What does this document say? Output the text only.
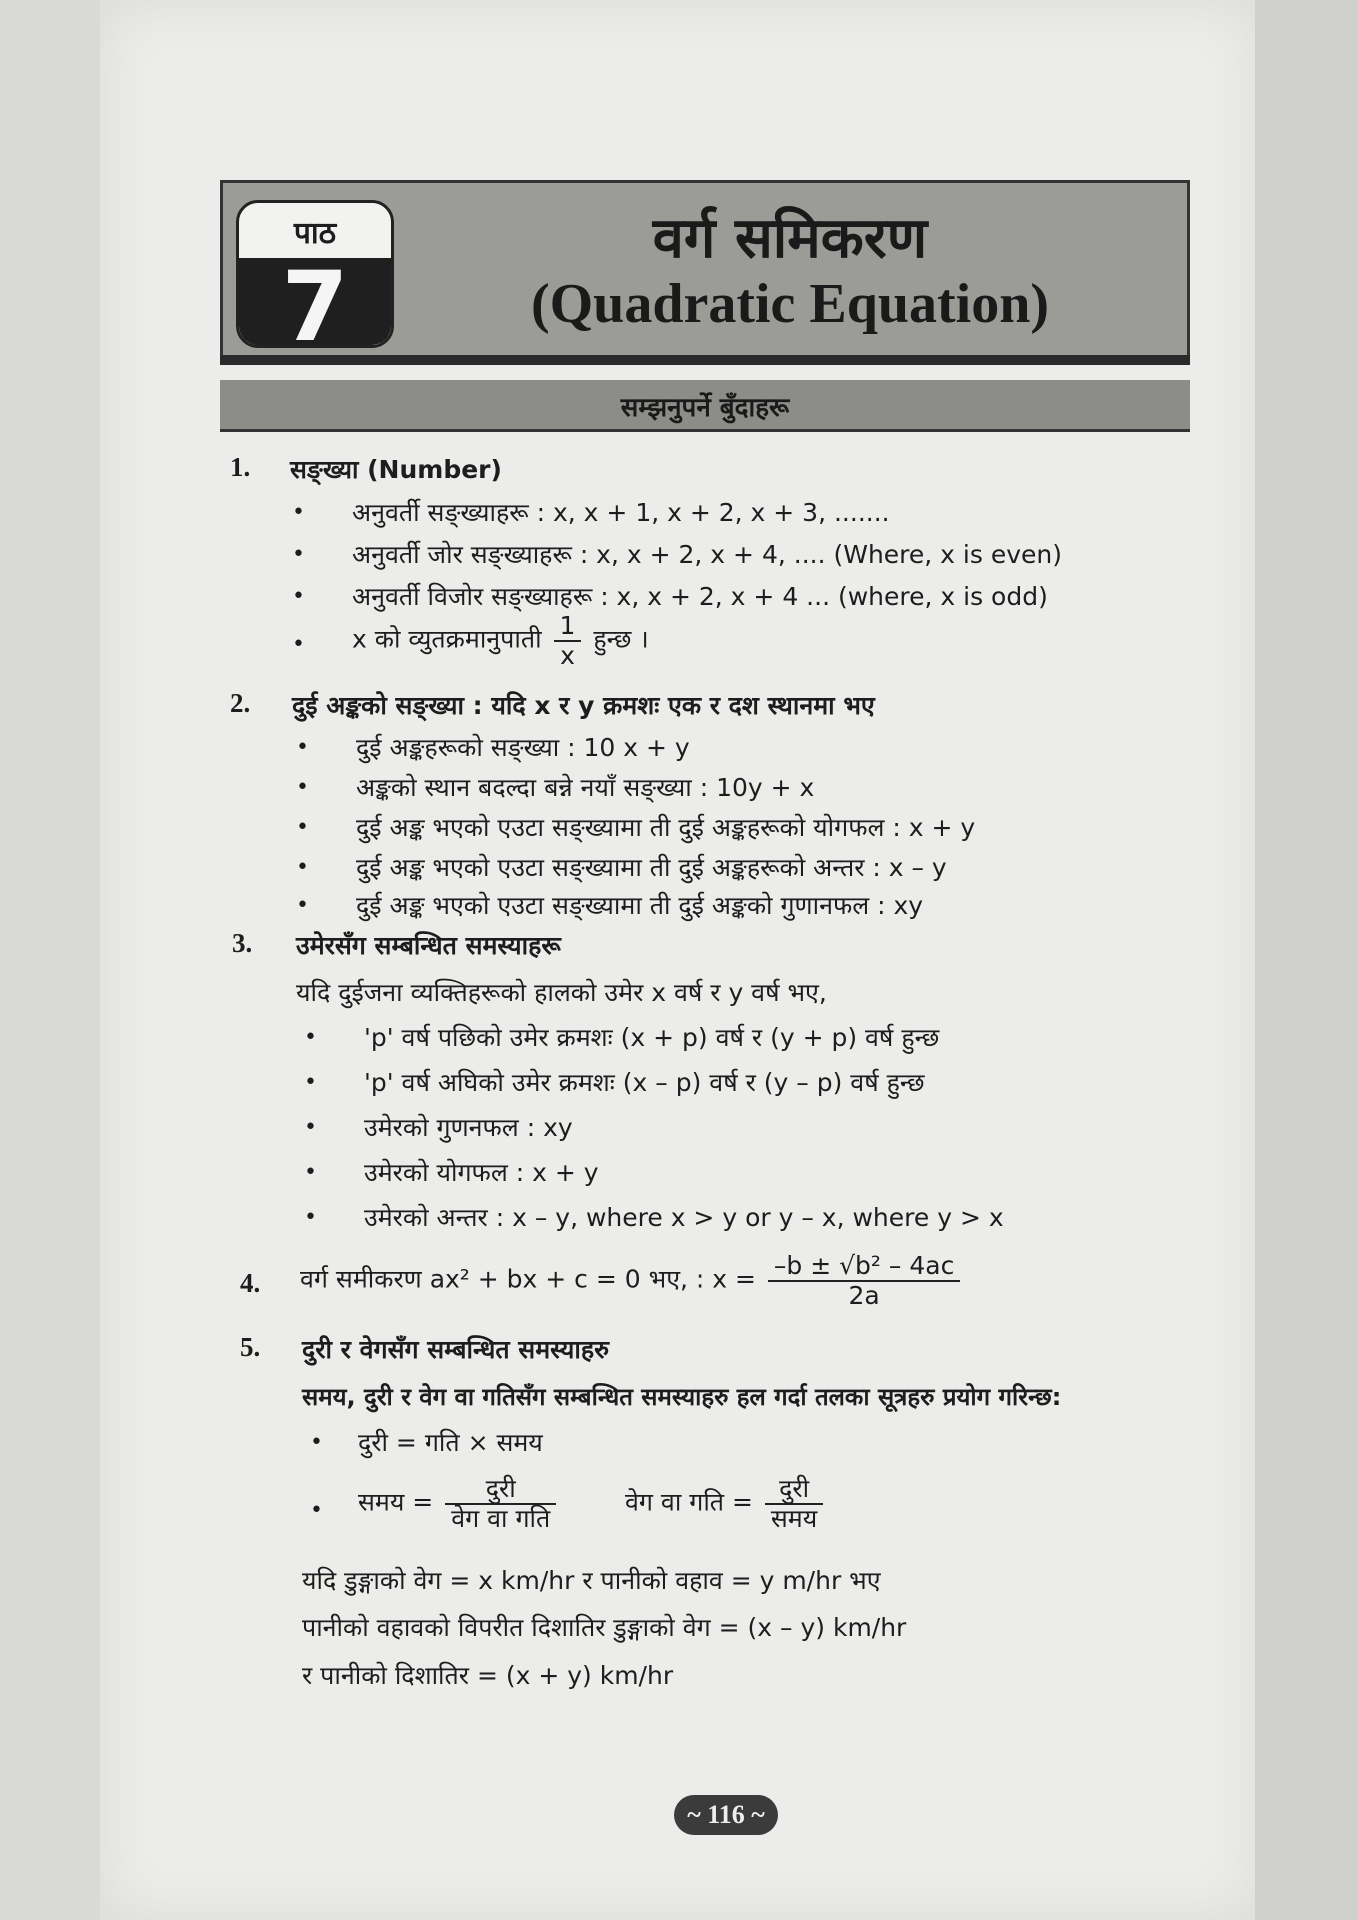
पाठ
7
वर्ग समिकरण
(Quadratic Equation)
सम्झनुपर्ने बुँदाहरू
1. सङ्ख्या (Number)
• अनुवर्ती सङ्ख्याहरू : x, x + 1, x + 2, x + 3, .......
• अनुवर्ती जोर सङ्ख्याहरू : x, x + 2, x + 4, .... (Where, x is even)
• अनुवर्ती विजोर सङ्ख्याहरू : x, x + 2, x + 4 ... (where, x is odd)
• x को व्युतक्रमानुपाती $\frac{1}{x}$ हुन्छ ।
2. दुई अङ्कको सङ्ख्या : यदि x र y क्रमशः एक र दश स्थानमा भए
• दुई अङ्कहरूको सङ्ख्या : 10 x + y
• अङ्कको स्थान बदल्दा बन्ने नयाँ सङ्ख्या : 10y + x
• दुई अङ्क भएको एउटा सङ्ख्यामा ती दुई अङ्कहरूको योगफल : x + y
• दुई अङ्क भएको एउटा सङ्ख्यामा ती दुई अङ्कहरूको अन्तर : x – y
• दुई अङ्क भएको एउटा सङ्ख्यामा ती दुई अङ्कको गुणानफल : xy
3. उमेरसँग सम्बन्धित समस्याहरू
यदि दुईजना व्यक्तिहरूको हालको उमेर x वर्ष र y वर्ष भए,
• 'p' वर्ष पछिको उमेर क्रमशः (x + p) वर्ष र (y + p) वर्ष हुन्छ
• 'p' वर्ष अघिको उमेर क्रमशः (x – p) वर्ष र (y – p) वर्ष हुन्छ
• उमेरको गुणनफल : xy
• उमेरको योगफल : x + y
• उमेरको अन्तर : x – y, where x > y or y – x, where y > x
4. वर्ग समीकरण ax² + bx + c = 0 भए, : $x = \frac{\text{–b ± √b² – 4ac}}{2a}$
5. दुरी र वेगसँग सम्बन्धित समस्याहरु
समय, दुरी र वेग वा गतिसँग सम्बन्धित समस्याहरु हल गर्दा तलका सूत्रहरु प्रयोग गरिन्छ:
• दुरी = गति × समय
• समय = $\frac{\text{दुरी}}{\text{वेग वा गति}}$	वेग वा गति = $\frac{\text{दुरी}}{\text{समय}}$
यदि डुङ्गाको वेग = x km/hr र पानीको वहाव = y m/hr भए
पानीको वहावको विपरीत दिशातिर डुङ्गाको वेग = (x – y) km/hr
र पानीको दिशातिर = (x + y) km/hr
~ 116 ~
